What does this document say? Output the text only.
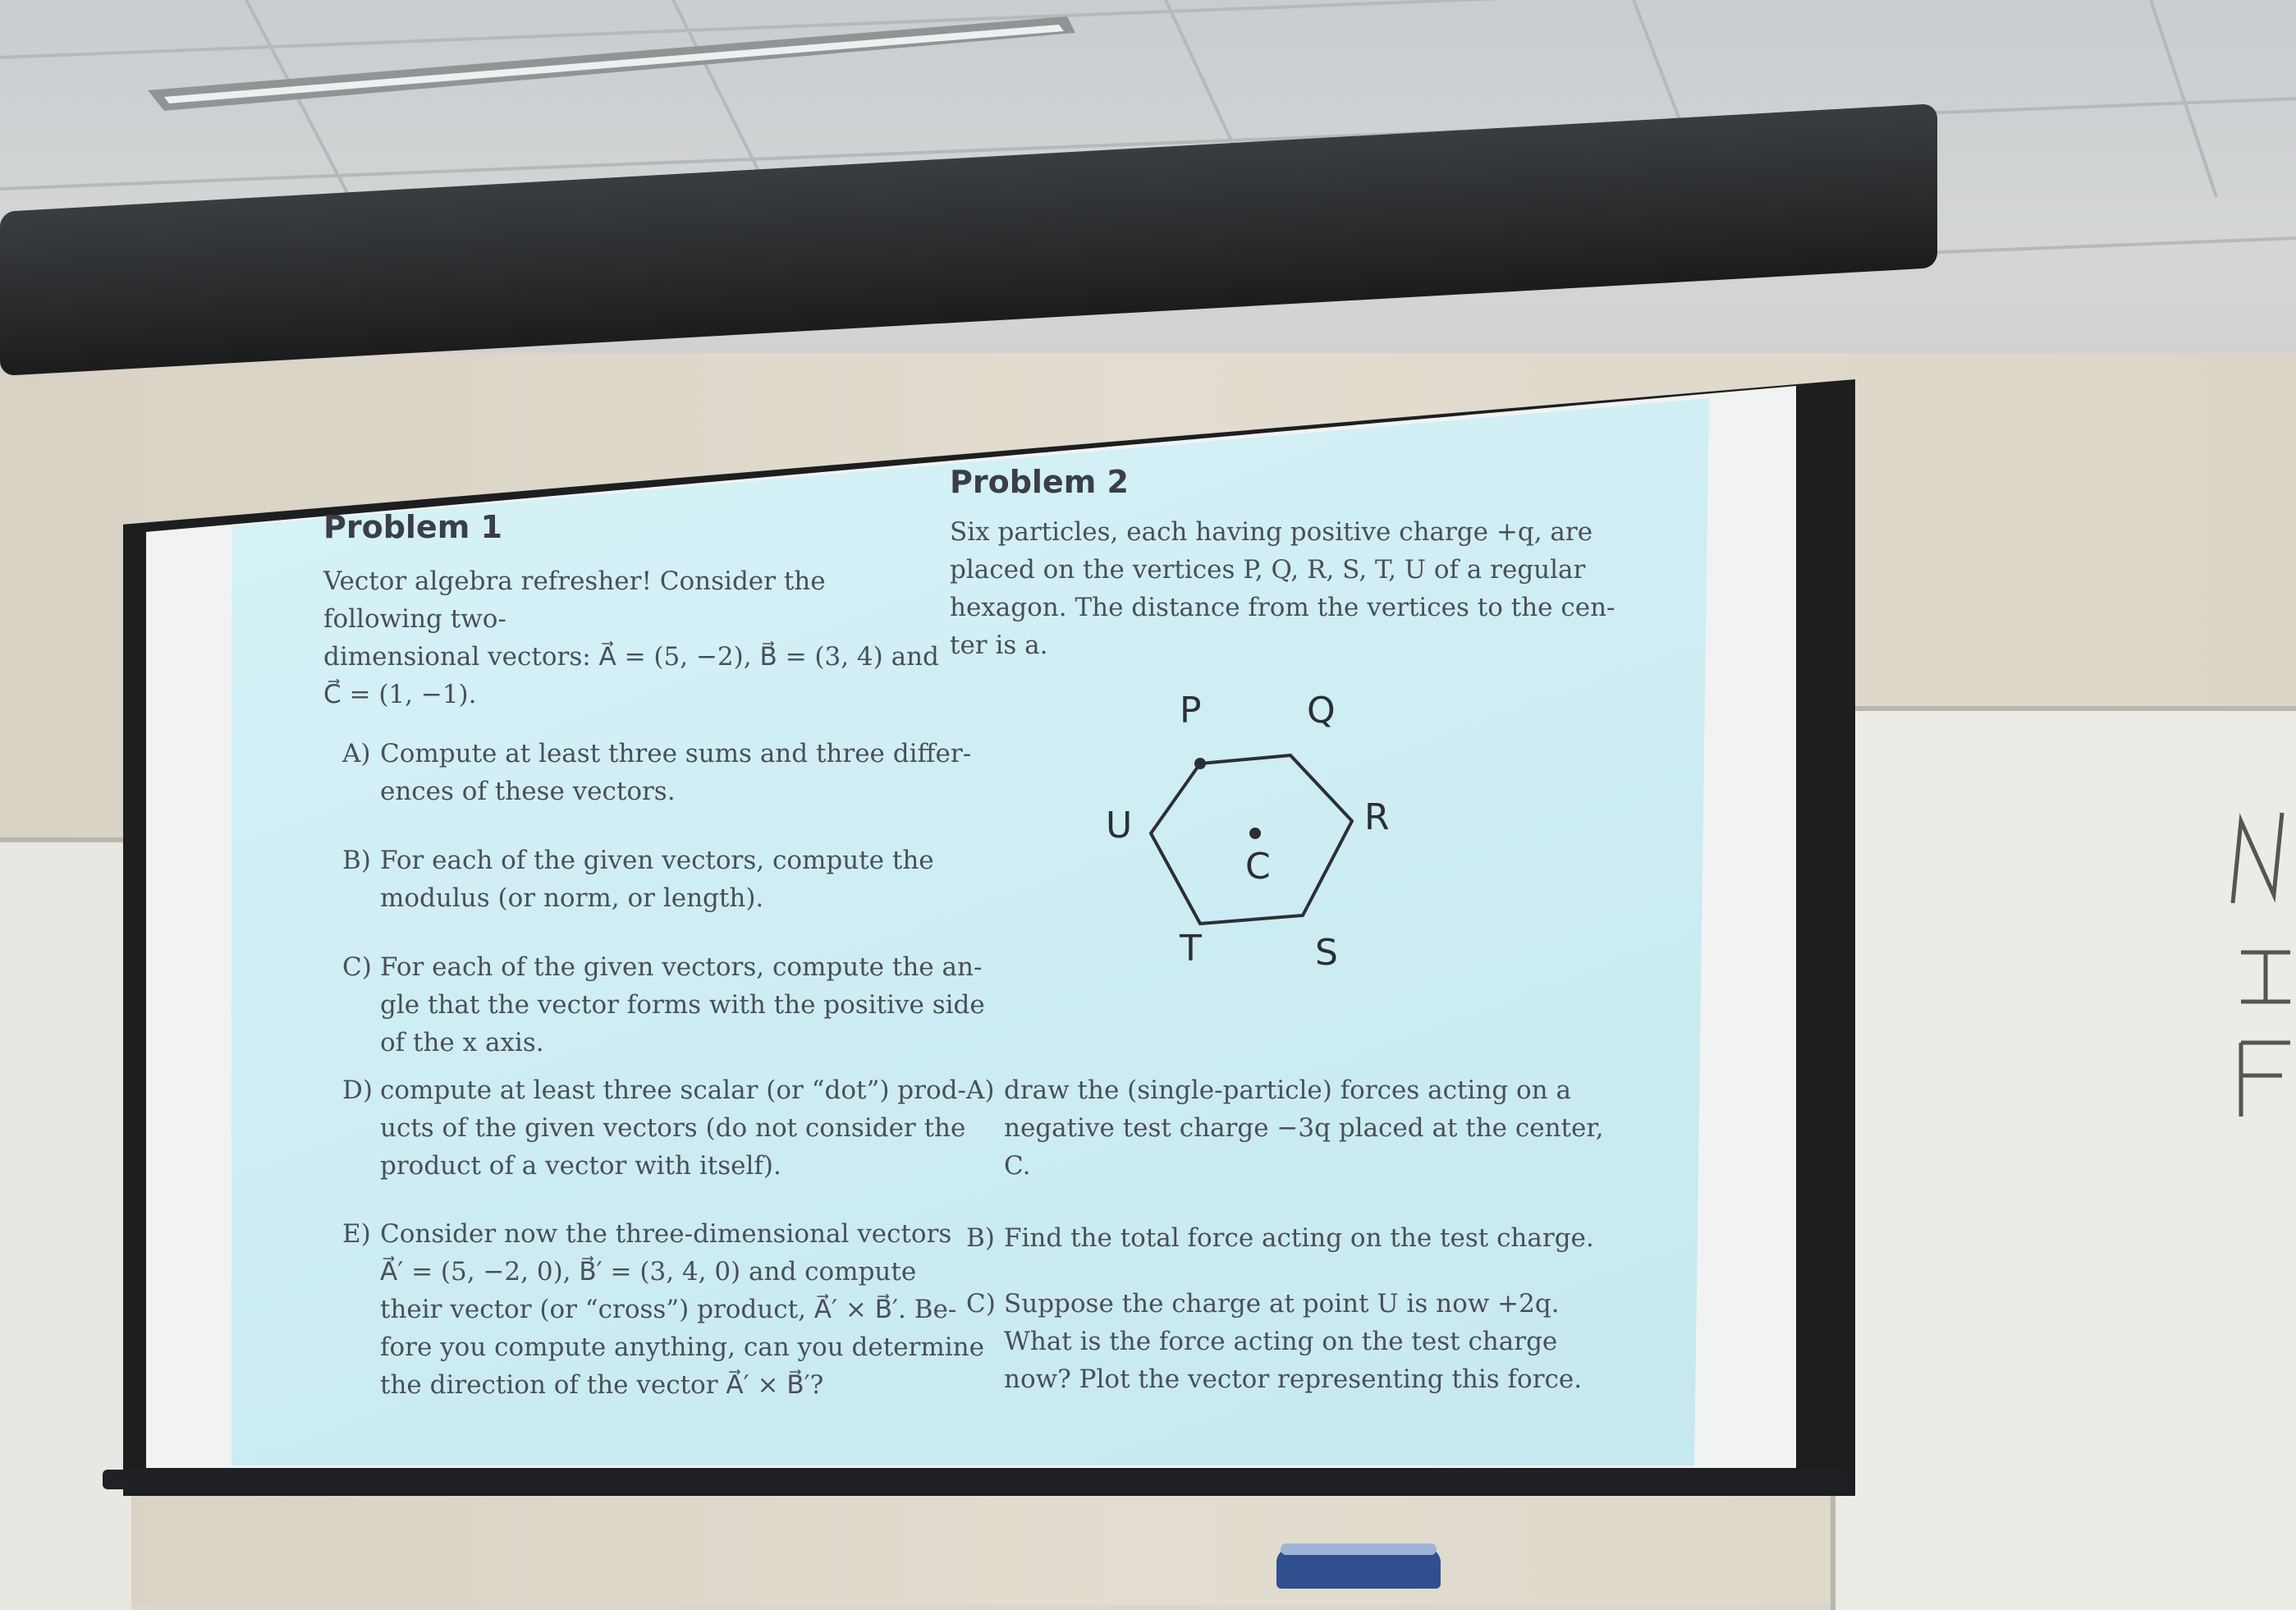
Problem 1
Vector algebra refresher! Consider the following two-
dimensional vectors: A⃗ = (5, −2), B⃗ = (3, 4) and
C⃗ = (1, −1).
A) Compute at least three sums and three differ-
ences of these vectors.
B) For each of the given vectors, compute the
modulus (or norm, or length).
C) For each of the given vectors, compute the an-
gle that the vector forms with the positive side
of the x axis.
D) compute at least three scalar (or “dot”) prod-
ucts of the given vectors (do not consider the
product of a vector with itself).
E) Consider now the three-dimensional vectors
A⃗′ = (5, −2, 0), B⃗′ = (3, 4, 0) and compute
their vector (or “cross”) product, A⃗′ × B⃗′. Be-
fore you compute anything, can you determine
the direction of the vector A⃗′ × B⃗′?
Problem 2
Six particles, each having positive charge +q, are
placed on the vertices P, Q, R, S, T, U of a regular
hexagon. The distance from the vertices to the cen-
ter is a.
P	Q
R
S
T
U
C
A) draw the (single-particle) forces acting on a
negative test charge −3q placed at the center,
C.
B) Find the total force acting on the test charge.
C) Suppose the charge at point U is now +2q.
What is the force acting on the test charge
now? Plot the vector representing this force.
